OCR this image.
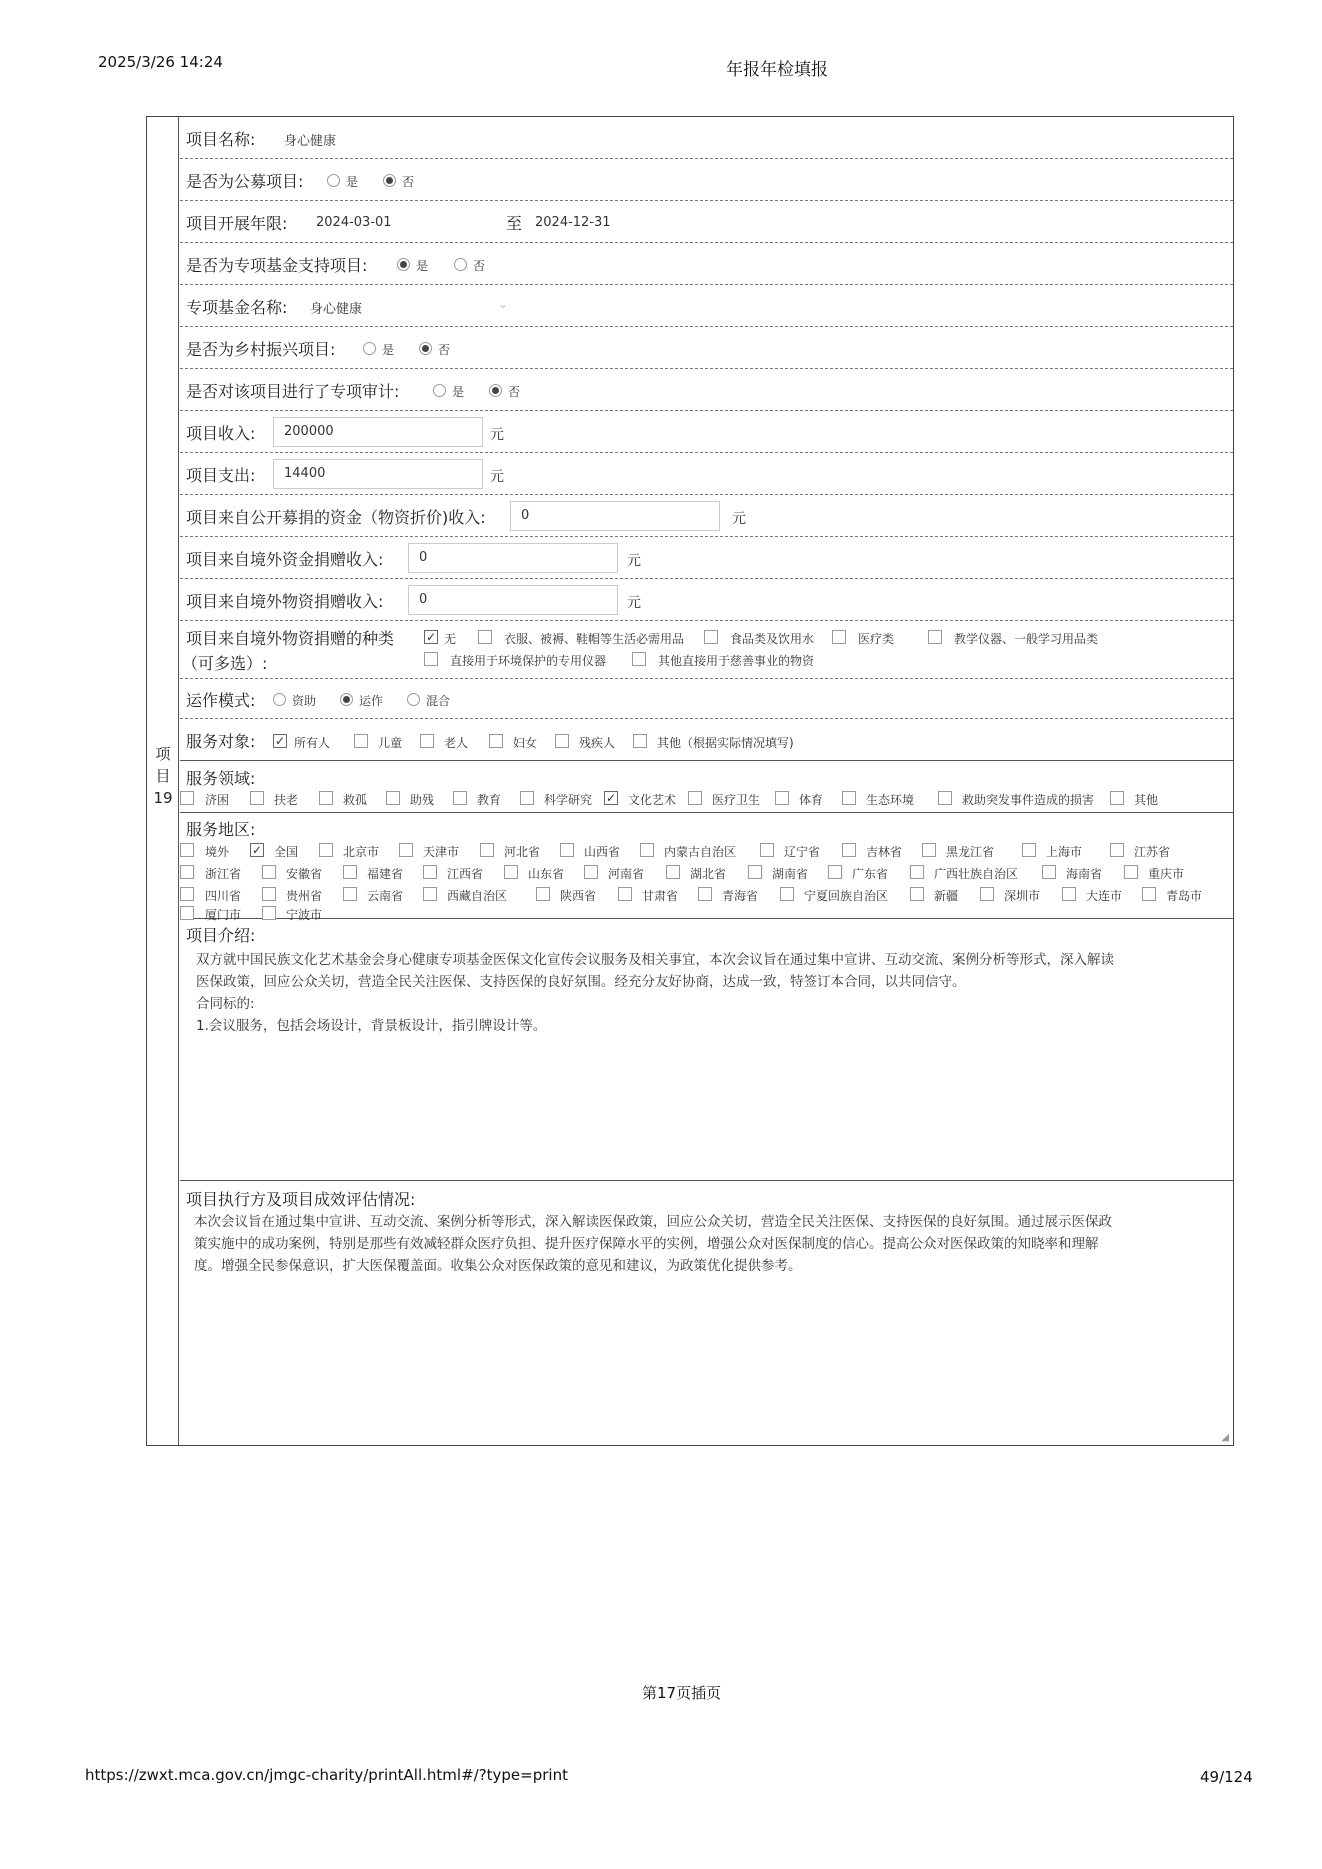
2025/3/26 14:24	年报年检填报
项
目
19
项目名称: 身心健康
是否为公募项目:	是	否
项目开展年限: 2024-03-01	至 2024-12-31
是否为专项基金支持项目:	是	否
专项基金名称: 身心健康	⌄
是否为乡村振兴项目:	是	否
是否对该项目进行了专项审计:	是	否
项目收入:	200000	元
项目支出:	14400	元
项目来自公开募捐的资金（物资折价)收入:	0	元
项目来自境外资金捐赠收入:	0	元
项目来自境外物资捐赠收入:	0	元
项目来自境外物资捐赠的种类
（可多选）:
✓ 无	衣服、被褥、鞋帽等生活必需用品	食品类及饮用水	医疗类	教学仪器、一般学习用品类
直接用于环境保护的专用仪器	其他直接用于慈善事业的物资
运作模式:	资助	运作	混合
服务对象: ✓ 所有人	儿童	老人	妇女	残疾人	其他（根据实际情况填写)
服务领域:
济困	扶老	救孤	助残	教育	科学研究 ✓ 文化艺术	医疗卫生	体育	生态环境	救助突发事件造成的损害	其他
服务地区:
境外 ✓ 全国	北京市	天津市	河北省	山西省	内蒙古自治区	辽宁省	吉林省	黑龙江省	上海市	江苏省
浙江省	安徽省	福建省	江西省	山东省	河南省	湖北省	湖南省	广东省	广西壮族自治区	海南省	重庆市
四川省	贵州省	云南省	西藏自治区	陕西省	甘肃省	青海省	宁夏回族自治区	新疆	深圳市	大连市	青岛市
厦门市	宁波市
项目介绍:
双方就中国民族文化艺术基金会身心健康专项基金医保文化宣传会议服务及相关事宜，本次会议旨在通过集中宣讲、互动交流、案例分析等形式，深入解读
医保政策，回应公众关切，营造全民关注医保、支持医保的良好氛围。经充分友好协商，达成一致，特签订本合同，以共同信守。
合同标的:
1.会议服务，包括会场设计，背景板设计，指引牌设计等。
项目执行方及项目成效评估情况:
本次会议旨在通过集中宣讲、互动交流、案例分析等形式，深入解读医保政策，回应公众关切，营造全民关注医保、支持医保的良好氛围。通过展示医保政
策实施中的成功案例，特别是那些有效减轻群众医疗负担、提升医疗保障水平的实例，增强公众对医保制度的信心。提高公众对医保政策的知晓率和理解
度。增强全民参保意识，扩大医保覆盖面。收集公众对医保政策的意见和建议，为政策优化提供参考。
◢
第17页插页
https://zwxt.mca.gov.cn/jmgc-charity/printAll.html#/?type=print	49/124
